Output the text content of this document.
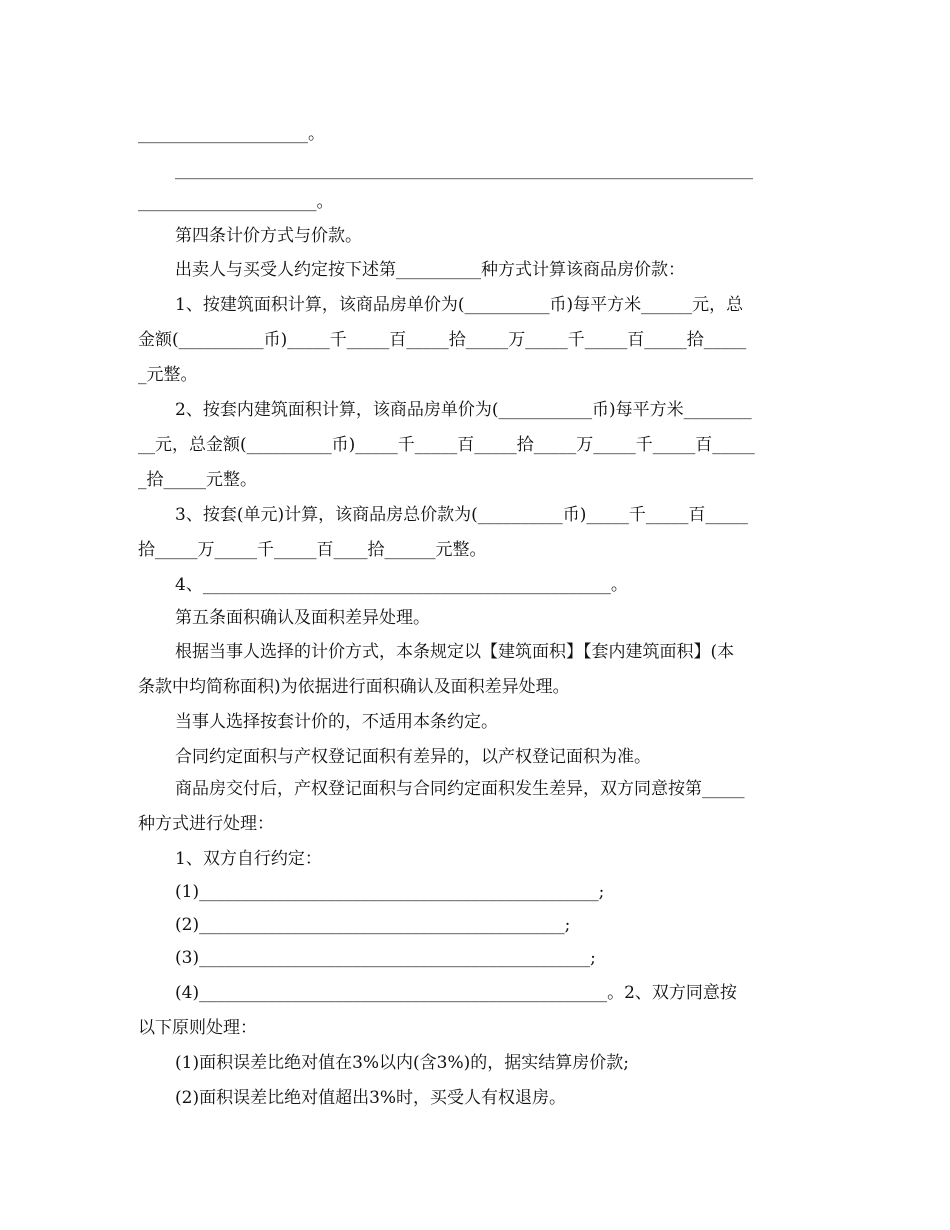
____________________。
____________________________________________________________________
_____________________。
第四条计价方式与价款。
出卖人与买受人约定按下述第__________种方式计算该商品房价款：
1、按建筑面积计算，该商品房单价为(__________币)每平方米______元，总
金额(__________币)_____千_____百_____拾_____万_____千_____百_____拾_____
_元整。
2、按套内建筑面积计算，该商品房单价为(___________币)每平方米________
__元，总金额(__________币)_____千_____百_____拾_____万_____千_____百_____
_拾_____元整。
3、按套(单元)计算，该商品房总价款为(__________币)_____千_____百_____
拾_____万_____千_____百____拾______元整。
4、________________________________________________。
第五条面积确认及面积差异处理。
根据当事人选择的计价方式，本条规定以【建筑面积】【套内建筑面积】(本
条款中均简称面积)为依据进行面积确认及面积差异处理。
当事人选择按套计价的，不适用本条约定。
合同约定面积与产权登记面积有差异的，以产权登记面积为准。
商品房交付后，产权登记面积与合同约定面积发生差异，双方同意按第_____
种方式进行处理：
1、双方自行约定：
(1)_______________________________________________;
(2)___________________________________________;
(3)______________________________________________;
(4)________________________________________________。2、双方同意按
以下原则处理：
(1)面积误差比绝对值在3%以内(含3%)的，据实结算房价款;
(2)面积误差比绝对值超出3%时，买受人有权退房。
